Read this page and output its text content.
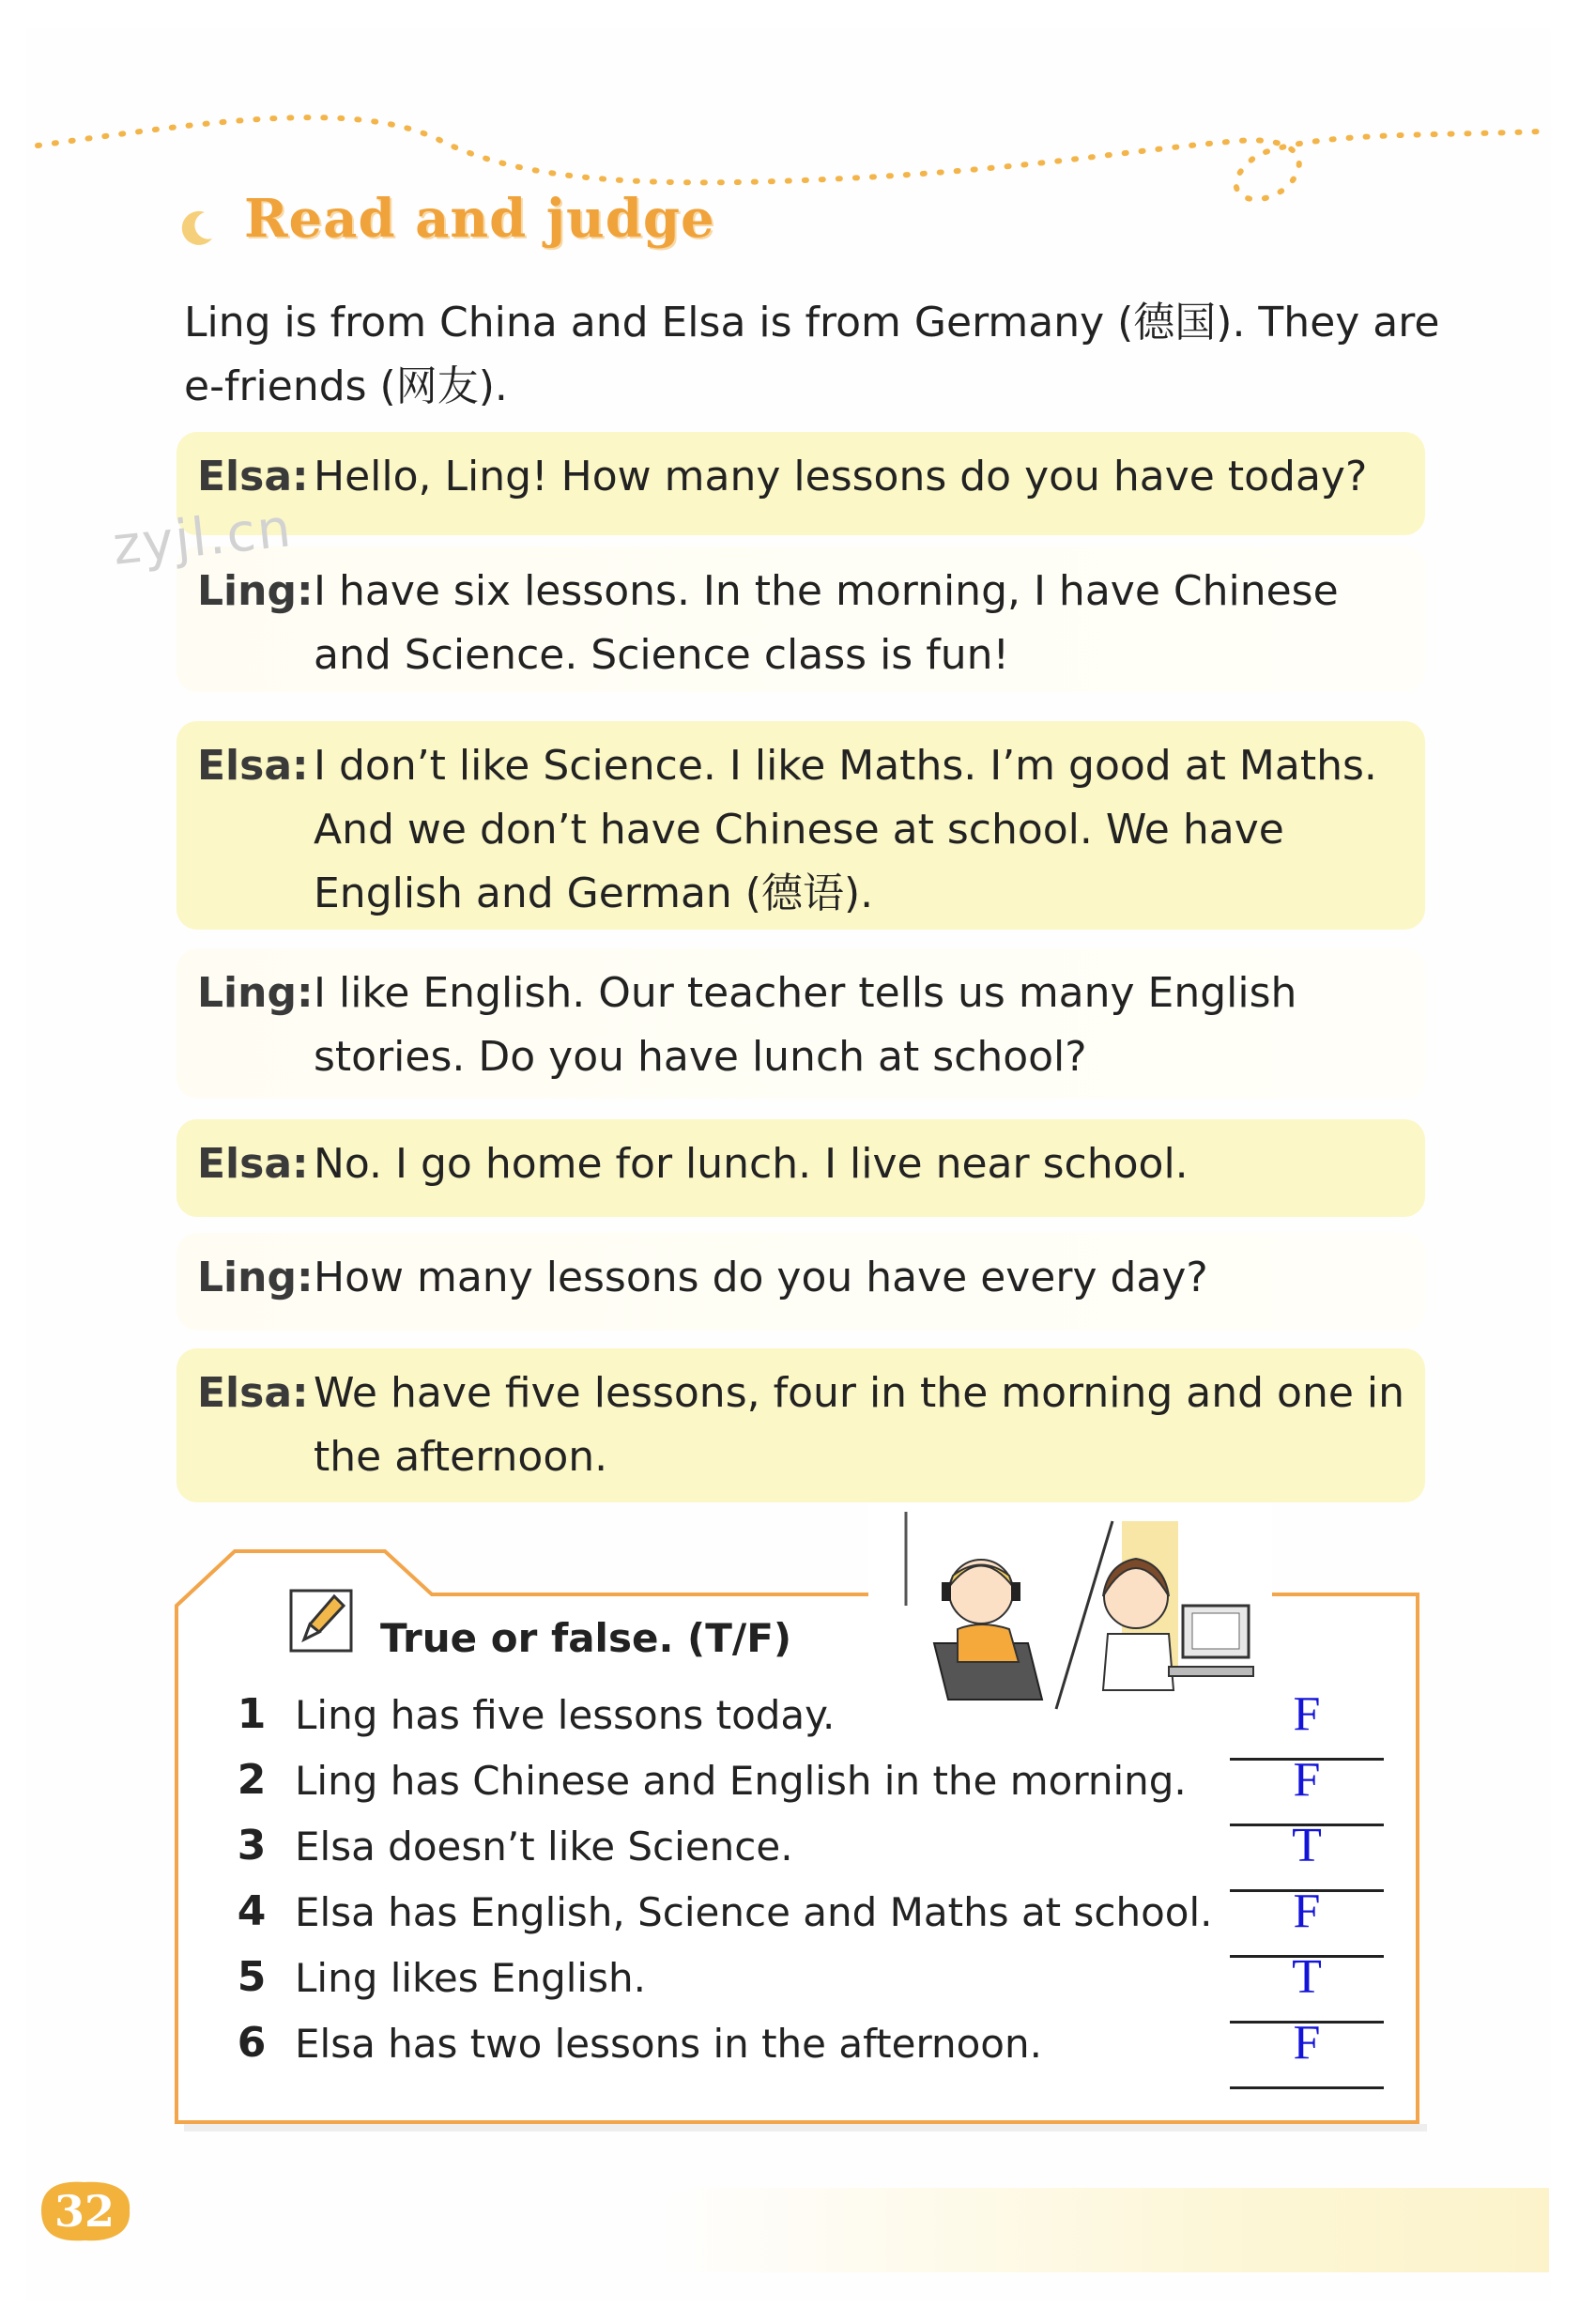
Read and judge
Ling is from China and Elsa is from Germany (德国). They are e-friends (网友).
Elsa: Hello, Ling! How many lessons do you have today?
Ling: I have six lessons. In the morning, I have Chinese and Science. Science class is fun!
Elsa: I don’t like Science. I like Maths. I’m good at Maths. And we don’t have Chinese at school. We have English and German (德语).
Ling: I like English. Our teacher tells us many English stories. Do you have lunch at school?
Elsa: No. I go home for lunch. I live near school.
Ling: How many lessons do you have every day?
Elsa: We have five lessons, four in the morning and one in the afternoon.
zyjl.cn
True or false. (T/F)
1 Ling has five lessons today.	F
2 Ling has Chinese and English in the morning.	F
3 Elsa doesn’t like Science.	T
4 Elsa has English, Science and Maths at school.	F
5 Ling likes English.	T
6 Elsa has two lessons in the afternoon.	F
32
